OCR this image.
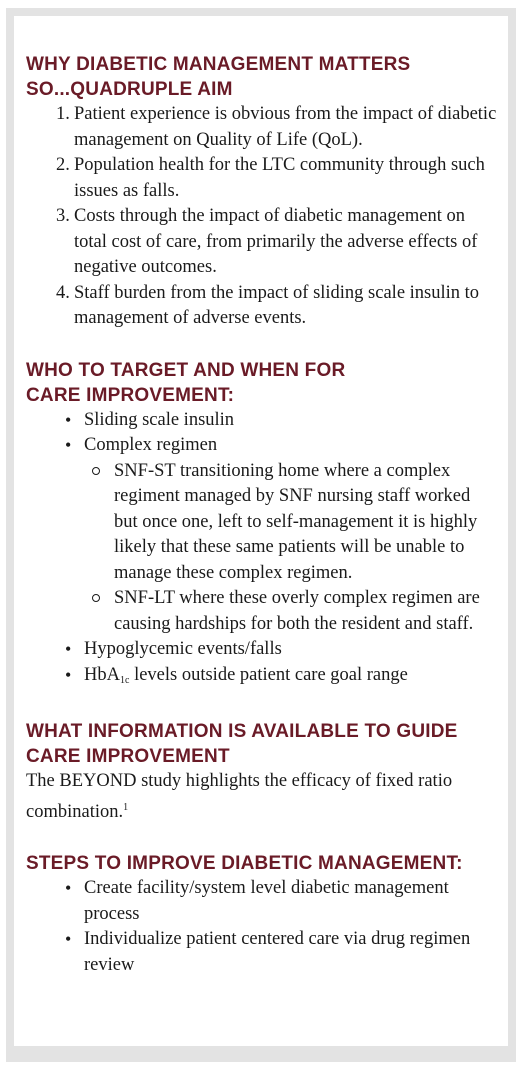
WHY DIABETIC MANAGEMENT MATTERS
SO...QUADRUPLE AIM
1. Patient experience is obvious from the impact of diabetic management on Quality of Life (QoL).
2. Population health for the LTC community through such issues as falls.
3. Costs through the impact of diabetic management on total cost of care, from primarily the adverse effects of negative outcomes.
4. Staff burden from the impact of sliding scale insulin to management of adverse events.
WHO TO TARGET AND WHEN FOR
CARE IMPROVEMENT:
• Sliding scale insulin
• Complex regimen
SNF-ST transitioning home where a complex regiment managed by SNF nursing staff worked but once one, left to self-management it is highly likely that these same patients will be unable to manage these complex regimen.
SNF-LT where these overly complex regimen are causing hardships for both the resident and staff.
• Hypoglycemic events/falls
• HbA$_{1c}$ levels outside patient care goal range
WHAT INFORMATION IS AVAILABLE TO GUIDE
CARE IMPROVEMENT

The BEYOND study highlights the efficacy of fixed ratio combination.$^1$

STEPS TO IMPROVE DIABETIC MANAGEMENT:
• Create facility/system level diabetic management process
• Individualize patient centered care via drug regimen review
